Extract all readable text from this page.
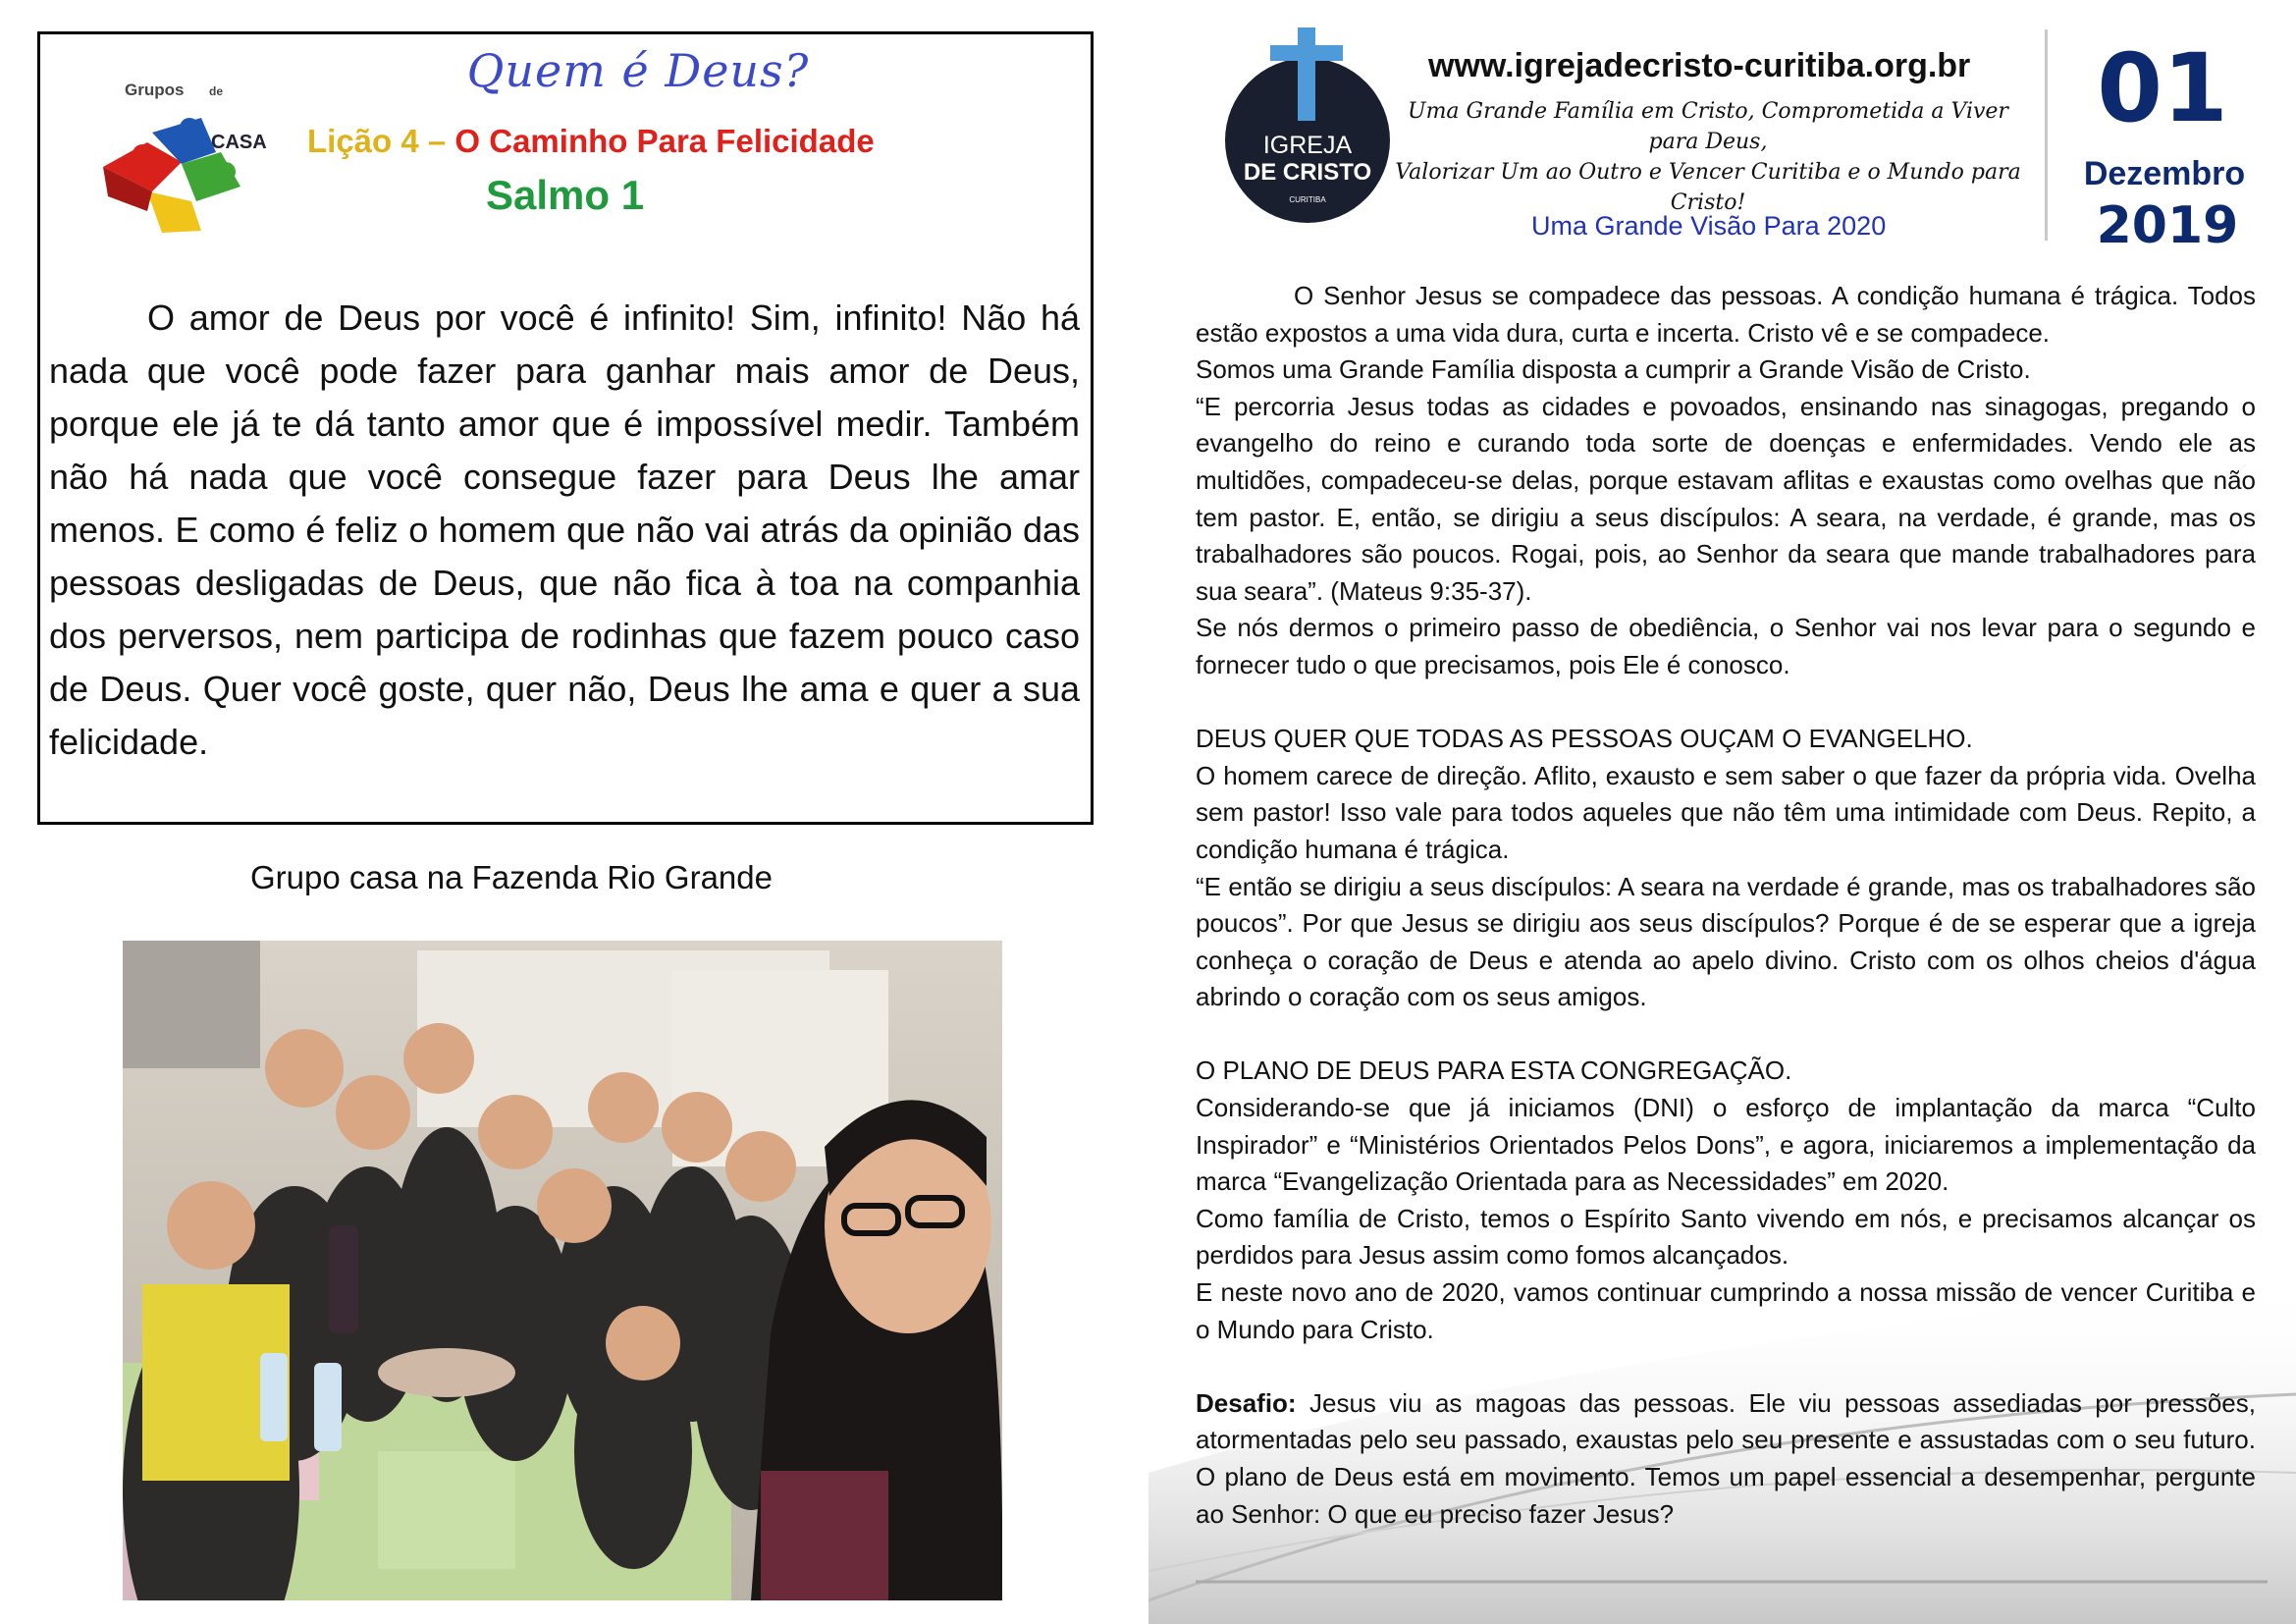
Grupos de
CASA
Quem é Deus?
Lição 4 – O Caminho Para Felicidade
Salmo 1

O amor de Deus por você é infinito! Sim, infinito! Não há nada que você pode fazer para ganhar mais amor de Deus, porque ele já te dá tanto amor que é impossível medir. Também não há nada que você consegue fazer para Deus lhe amar menos. E como é feliz o homem que não vai atrás da opinião das pessoas desligadas de Deus, que não fica à toa na companhia dos perversos, nem participa de rodinhas que fazem pouco caso de Deus. Quer você goste, quer não, Deus lhe ama e quer a sua felicidade.

Grupo casa na Fazenda Rio Grande
IGREJA
DE CRISTO
CURITIBA
www.igrejadecristo-curitiba.org.br
Uma Grande Família em Cristo, Comprometida a Viver para Deus,
Valorizar Um ao Outro e Vencer Curitiba e o Mundo para Cristo!
Uma Grande Visão Para 2020
01
Dezembro
2019

O Senhor Jesus se compadece das pessoas. A condição humana é trágica. Todos estão expostos a uma vida dura, curta e incerta. Cristo vê e se compadece.

Somos uma Grande Família disposta a cumprir a Grande Visão de Cristo.

“E percorria Jesus todas as cidades e povoados, ensinando nas sinagogas, pregando o evangelho do reino e curando toda sorte de doenças e enfermidades. Vendo ele as multidões, compadeceu-se delas, porque estavam aflitas e exaustas como ovelhas que não tem pastor. E, então, se dirigiu a seus discípulos: A seara, na verdade, é grande, mas os trabalhadores são poucos. Rogai, pois, ao Senhor da seara que mande trabalhadores para sua seara”. (Mateus 9:35-37).

Se nós dermos o primeiro passo de obediência, o Senhor vai nos levar para o segundo e fornecer tudo o que precisamos, pois Ele é conosco.

DEUS QUER QUE TODAS AS PESSOAS OUÇAM O EVANGELHO.

O homem carece de direção. Aflito, exausto e sem saber o que fazer da própria vida. Ovelha sem pastor! Isso vale para todos aqueles que não têm uma intimidade com Deus. Repito, a condição humana é trágica.

“E então se dirigiu a seus discípulos: A seara na verdade é grande, mas os trabalhadores são poucos”. Por que Jesus se dirigiu aos seus discípulos? Porque é de se esperar que a igreja conheça o coração de Deus e atenda ao apelo divino. Cristo com os olhos cheios d'água abrindo o coração com os seus amigos.

O PLANO DE DEUS PARA ESTA CONGREGAÇÃO.

Considerando-se que já iniciamos (DNI) o esforço de implantação da marca “Culto Inspirador” e “Ministérios Orientados Pelos Dons”, e agora, iniciaremos a implementação da marca “Evangelização Orientada para as Necessidades” em 2020.

Como família de Cristo, temos o Espírito Santo vivendo em nós, e precisamos alcançar os perdidos para Jesus assim como fomos alcançados.

E neste novo ano de 2020, vamos continuar cumprindo a nossa missão de vencer Curitiba e o Mundo para Cristo.

Desafio: Jesus viu as magoas das pessoas. Ele viu pessoas assediadas por pressões, atormentadas pelo seu passado, exaustas pelo seu presente e assustadas com o seu futuro. O plano de Deus está em movimento. Temos um papel essencial a desempenhar, pergunte ao Senhor: O que eu preciso fazer Jesus?
